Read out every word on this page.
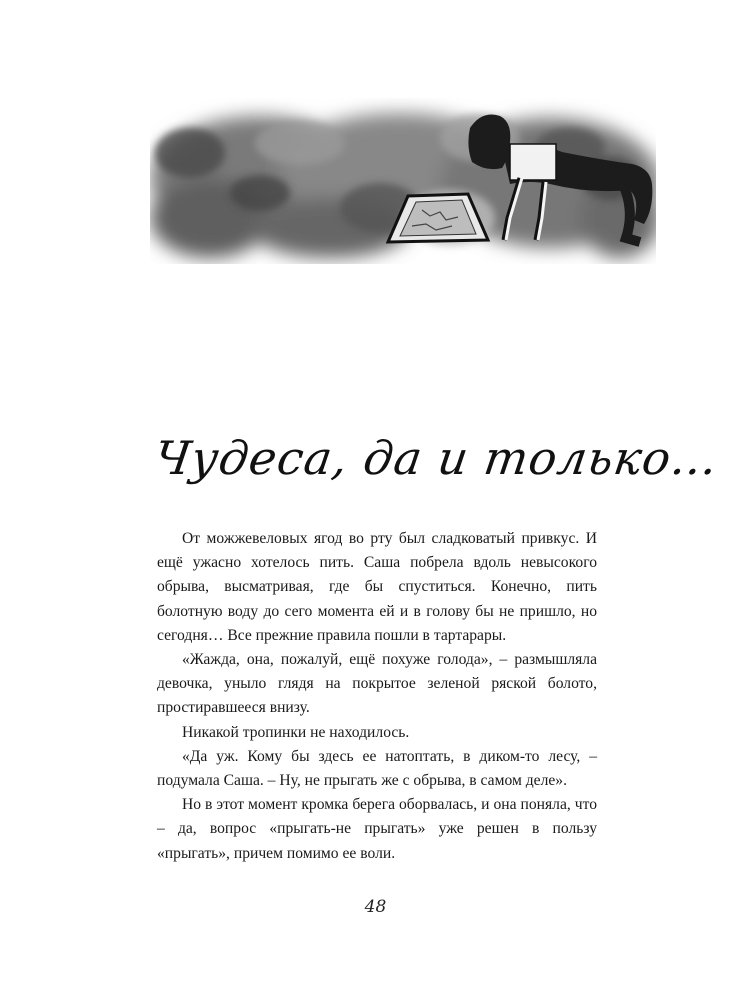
Чудеса, да и только…

От можжевеловых ягод во рту был сладковатый привкус. И ещё ужасно хотелось пить. Саша побрела вдоль невысокого обрыва, высматривая, где бы спуститься. Конечно, пить болотную воду до сего момента ей и в голову бы не пришло, но сегодня… Все прежние правила пошли в тартарары.

«Жажда, она, пожалуй, ещё похуже голода», – размышляла девочка, уныло глядя на покрытое зеленой ряской болото, простиравшееся внизу.

Никакой тропинки не находилось.

«Да уж. Кому бы здесь ее натоптать, в диком-то лесу, – подумала Саша. – Ну, не прыгать же с обрыва, в самом деле».

Но в этот момент кромка берега оборвалась, и она поняла, что – да, вопрос «прыгать-не прыгать» уже решен в пользу «прыгать», причем помимо ее воли.

48
